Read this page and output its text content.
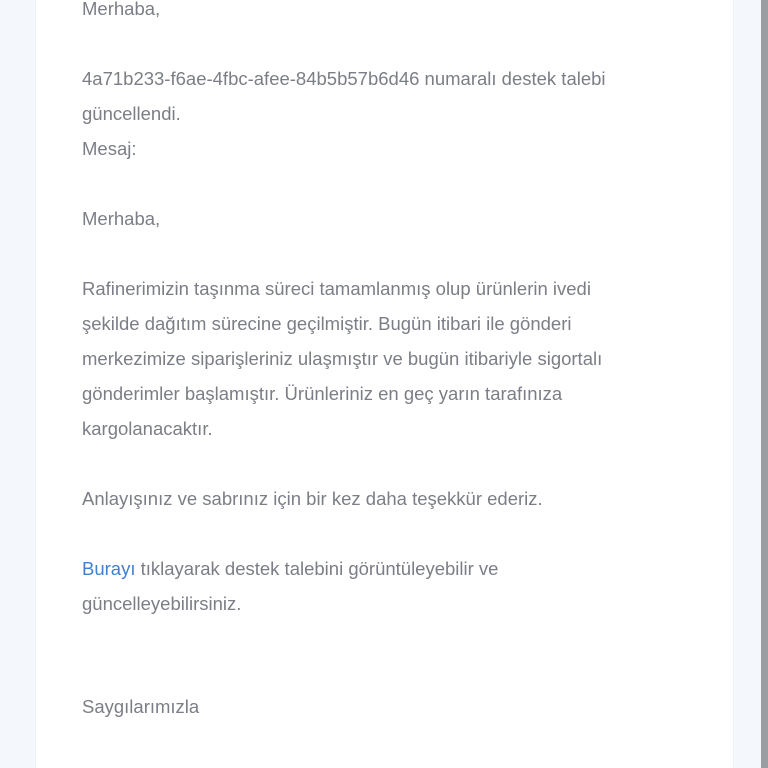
Merhaba,
4a71b233-f6ae-4fbc-afee-84b5b57b6d46 numaralı destek talebi
güncellendi.
Mesaj:
Merhaba,
Rafinerimizin taşınma süreci tamamlanmış olup ürünlerin ivedi
şekilde dağıtım sürecine geçilmiştir. Bugün itibari ile gönderi
merkezimize siparişleriniz ulaşmıştır ve bugün itibariyle sigortalı
gönderimler başlamıştır. Ürünleriniz en geç yarın tarafınıza
kargolanacaktır.
Anlayışınız ve sabrınız için bir kez daha teşekkür ederiz.
Burayı tıklayarak destek talebini görüntüleyebilir ve
güncelleyebilirsiniz.
Saygılarımızla
